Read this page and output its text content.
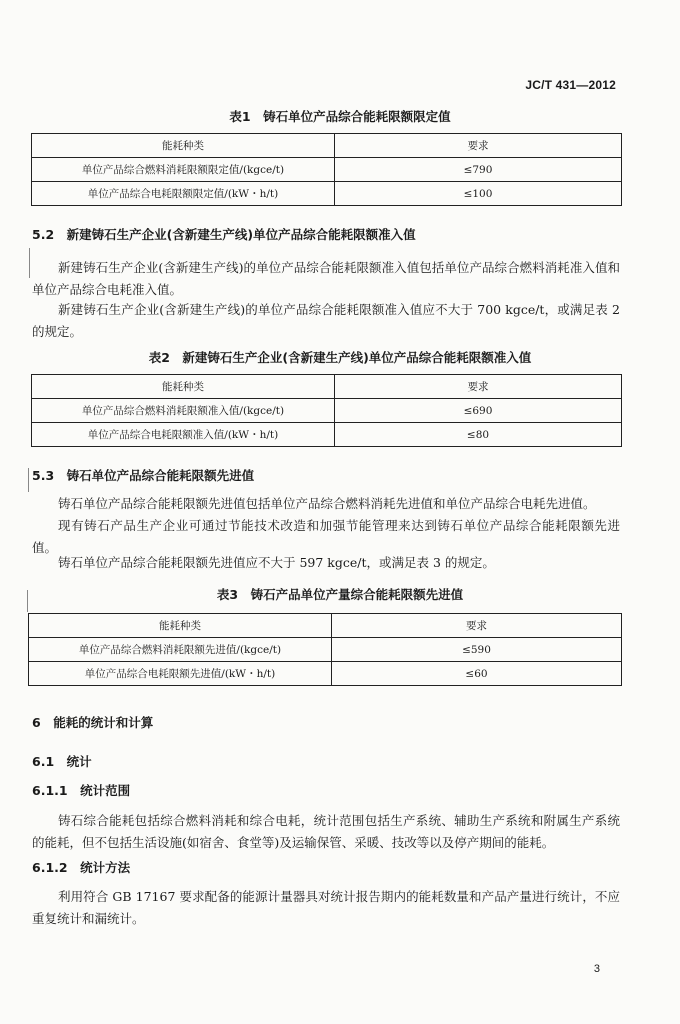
JC/T 431—2012
表1　铸石单位产品综合能耗限额限定值
能耗种类	要求
单位产品综合燃料消耗限额限定值/(kgce/t)	≤790
单位产品综合电耗限额限定值/(kW・h/t)	≤100
5.2　新建铸石生产企业(含新建生产线)单位产品综合能耗限额准入值

新建铸石生产企业(含新建生产线)的单位产品综合能耗限额准入值包括单位产品综合燃料消耗准入值和单位产品综合电耗准入值。

新建铸石生产企业(含新建生产线)的单位产品综合能耗限额准入值应不大于 700 kgce/t，或满足表 2 的规定。

表2　新建铸石生产企业(含新建生产线)单位产品综合能耗限额准入值
能耗种类	要求
单位产品综合燃料消耗限额准入值/(kgce/t)	≤690
单位产品综合电耗限额准入值/(kW・h/t)	≤80
5.3　铸石单位产品综合能耗限额先进值

铸石单位产品综合能耗限额先进值包括单位产品综合燃料消耗先进值和单位产品综合电耗先进值。

现有铸石产品生产企业可通过节能技术改造和加强节能管理来达到铸石单位产品综合能耗限额先进值。

铸石单位产品综合能耗限额先进值应不大于 597 kgce/t，或满足表 3 的规定。

表3　铸石产品单位产量综合能耗限额先进值
能耗种类	要求
单位产品综合燃料消耗限额先进值/(kgce/t)	≤590
单位产品综合电耗限额先进值/(kW・h/t)	≤60
6　能耗的统计和计算
6.1　统计
6.1.1　统计范围

铸石综合能耗包括综合燃料消耗和综合电耗，统计范围包括生产系统、辅助生产系统和附属生产系统的能耗，但不包括生活设施(如宿舍、食堂等)及运输保管、采暖、技改等以及停产期间的能耗。

6.1.2　统计方法

利用符合 GB 17167 要求配备的能源计量器具对统计报告期内的能耗数量和产品产量进行统计，不应重复统计和漏统计。

3
